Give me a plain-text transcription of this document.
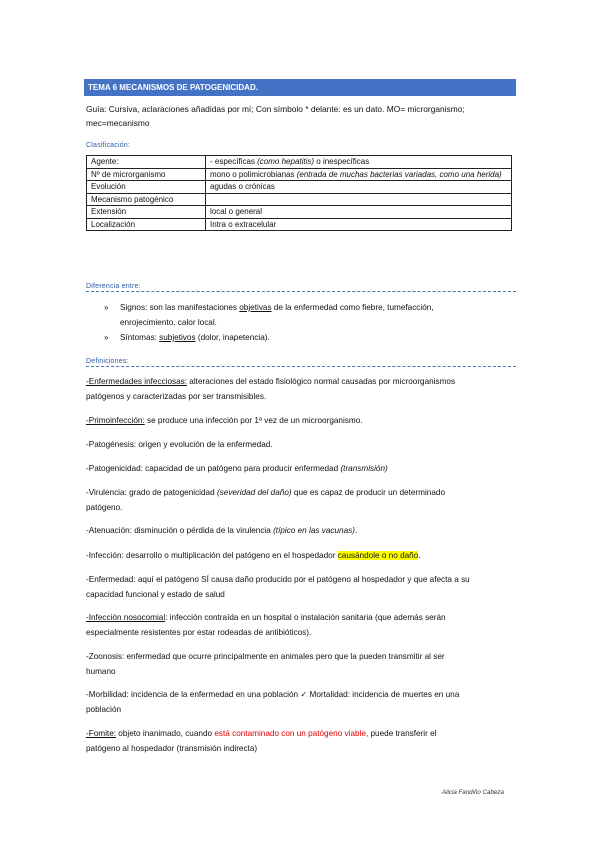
TEMA 6 MECANISMOS DE PATOGENICIDAD.
Guía: Cursiva, aclaraciones añadidas por mí; Con símbolo * delante: es un dato. MO= microrganismo;
mec=mecanismo
Clasificación:
Agente:	- específicas (como hepatitis) o inespecíficas
Nº de microrganismo	mono o polimicrobianas (entrada de muchas bacterias variadas, como una herida)
Evolución	agudas o crónicas
Mecanismo patogénico	
Extensión	local o general
Localización	Intra o extracelular
Diferencia entre:
»	Signos: son las manifestaciones objetivas de la enfermedad como fiebre, tumefacción,
enrojecimiento, calor local.
»	Síntomas: subjetivos (dolor, inapetencia).
Definiciones:
-Enfermedades infecciosas: alteraciones del estado fisiológico normal causadas por microorganismos
patógenos y caracterizadas por ser transmisibles.
-Primoinfección: se produce una infección por 1ª vez de un microorganismo.
-Patogénesis: origen y evolución de la enfermedad.
-Patogenicidad: capacidad de un patógeno para producir enfermedad (transmisión)
-Virulencia: grado de patogenicidad (severidad del daño) que es capaz de producir un determinado
patógeno.
-Atenuación: disminución o pérdida de la virulencia (típico en las vacunas).
-Infección: desarrollo o multiplicación del patógeno en el hospedador causándole o no daño.
-Enfermedad: aquí el patógeno SÍ causa daño producido por el patógeno al hospedador y que afecta a su
capacidad funcional y estado de salud
-Infección nosocomial: infección contraída en un hospital o instalación sanitaria (que además serán
especialmente resistentes por estar rodeadas de antibióticos).
-Zoonosis: enfermedad que ocurre principalmente en animales pero que la pueden transmitir al ser
humano
-Morbilidad: incidencia de la enfermedad en una población ✓ Mortalidad: incidencia de muertes en una
población
-Fomite: objeto inanimado, cuando está contaminado con un patógeno viable, puede transferir el
patógeno al hospedador (transmisión indirecta)
Alicia Fandiño Cabeza
